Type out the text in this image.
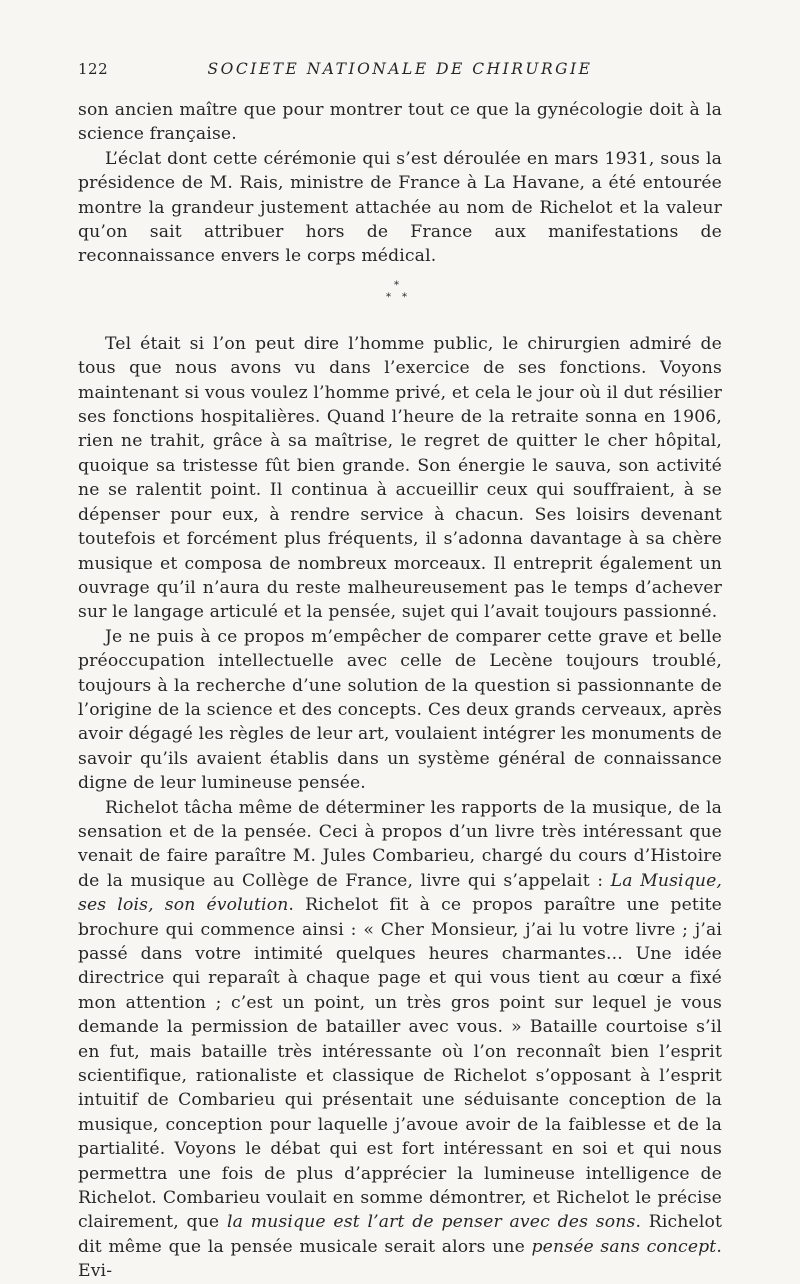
122	SOCIETE NATIONALE DE CHIRURGIE

son ancien maître que pour montrer tout ce que la gynécologie doit à la science française.

L’éclat dont cette cérémonie qui s’est déroulée en mars 1931, sous la présidence de M. Rais, ministre de France à La Havane, a été entourée montre la grandeur justement attachée au nom de Richelot et la valeur qu’on sait attribuer hors de France aux manifestations de reconnaissance envers le corps médical.

*
* *

Tel était si l’on peut dire l’homme public, le chirurgien admiré de tous que nous avons vu dans l’exercice de ses fonctions. Voyons maintenant si vous voulez l’homme privé, et cela le jour où il dut résilier ses fonctions hospitalières. Quand l’heure de la retraite sonna en 1906, rien ne trahit, grâce à sa maîtrise, le regret de quitter le cher hôpital, quoique sa tristesse fût bien grande. Son énergie le sauva, son activité ne se ralentit point. Il continua à accueillir ceux qui souffraient, à se dépenser pour eux, à rendre service à chacun. Ses loisirs devenant toutefois et forcément plus fréquents, il s’adonna davantage à sa chère musique et composa de nombreux morceaux. Il entreprit également un ouvrage qu’il n’aura du reste malheureusement pas le temps d’achever sur le langage articulé et la pensée, sujet qui l’avait toujours passionné.

Je ne puis à ce propos m’empêcher de comparer cette grave et belle préoccupation intellectuelle avec celle de Lecène toujours troublé, toujours à la recherche d’une solution de la question si passionnante de l’origine de la science et des concepts. Ces deux grands cerveaux, après avoir dégagé les règles de leur art, voulaient intégrer les monuments de savoir qu’ils avaient établis dans un système général de connaissance digne de leur lumineuse pensée.

Richelot tâcha même de déterminer les rapports de la musique, de la sensation et de la pensée. Ceci à propos d’un livre très intéressant que venait de faire paraître M. Jules Combarieu, chargé du cours d’Histoire de la musique au Collège de France, livre qui s’appelait : La Musique, ses lois, son évolution. Richelot fit à ce propos paraître une petite brochure qui commence ainsi : « Cher Monsieur, j’ai lu votre livre ; j’ai passé dans votre intimité quelques heures charmantes... Une idée directrice qui reparaît à chaque page et qui vous tient au cœur a fixé mon attention ; c’est un point, un très gros point sur lequel je vous demande la permission de batailler avec vous. » Bataille courtoise s’il en fut, mais bataille très intéressante où l’on reconnaît bien l’esprit scientifique, rationaliste et classique de Richelot s’opposant à l’esprit intuitif de Combarieu qui présentait une séduisante conception de la musique, conception pour laquelle j’avoue avoir de la faiblesse et de la partialité. Voyons le débat qui est fort intéressant en soi et qui nous permettra une fois de plus d’apprécier la lumineuse intelligence de Richelot. Combarieu voulait en somme démontrer, et Richelot le précise clairement, que la musique est l’art de penser avec des sons. Richelot dit même que la pensée musicale serait alors une pensée sans concept. Evi-
